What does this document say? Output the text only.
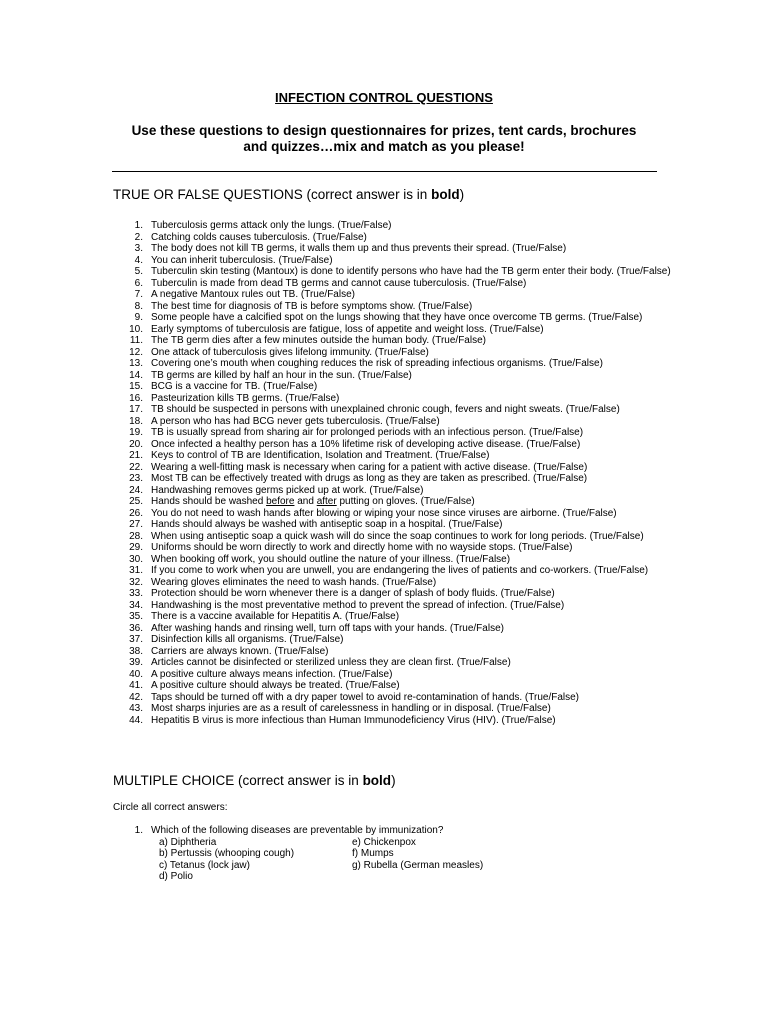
INFECTION CONTROL QUESTIONS
Use these questions to design questionnaires for prizes, tent cards, brochures
and quizzes…mix and match as you please!
TRUE OR FALSE QUESTIONS (correct answer is in bold)
1. Tuberculosis germs attack only the lungs. (True/False)
2. Catching colds causes tuberculosis. (True/False)
3. The body does not kill TB germs, it walls them up and thus prevents their spread. (True/False)
4. You can inherit tuberculosis. (True/False)
5. Tuberculin skin testing (Mantoux) is done to identify persons who have had the TB germ enter their body. (True/False)
6. Tuberculin is made from dead TB germs and cannot cause tuberculosis. (True/False)
7. A negative Mantoux rules out TB. (True/False)
8. The best time for diagnosis of TB is before symptoms show. (True/False)
9. Some people have a calcified spot on the lungs showing that they have once overcome TB germs. (True/False)
10. Early symptoms of tuberculosis are fatigue, loss of appetite and weight loss. (True/False)
11. The TB germ dies after a few minutes outside the human body. (True/False)
12. One attack of tuberculosis gives lifelong immunity. (True/False)
13. Covering one’s mouth when coughing reduces the risk of spreading infectious organisms. (True/False)
14. TB germs are killed by half an hour in the sun. (True/False)
15. BCG is a vaccine for TB. (True/False)
16. Pasteurization kills TB germs. (True/False)
17. TB should be suspected in persons with unexplained chronic cough, fevers and night sweats. (True/False)
18. A person who has had BCG never gets tuberculosis. (True/False)
19. TB is usually spread from sharing air for prolonged periods with an infectious person. (True/False)
20. Once infected a healthy person has a 10% lifetime risk of developing active disease. (True/False)
21. Keys to control of TB are Identification, Isolation and Treatment. (True/False)
22. Wearing a well-fitting mask is necessary when caring for a patient with active disease. (True/False)
23. Most TB can be effectively treated with drugs as long as they are taken as prescribed. (True/False)
24. Handwashing removes germs picked up at work. (True/False)
25. Hands should be washed before and after putting on gloves. (True/False)
26. You do not need to wash hands after blowing or wiping your nose since viruses are airborne. (True/False)
27. Hands should always be washed with antiseptic soap in a hospital. (True/False)
28. When using antiseptic soap a quick wash will do since the soap continues to work for long periods. (True/False)
29. Uniforms should be worn directly to work and directly home with no wayside stops. (True/False)
30. When booking off work, you should outline the nature of your illness. (True/False)
31. If you come to work when you are unwell, you are endangering the lives of patients and co-workers. (True/False)
32. Wearing gloves eliminates the need to wash hands. (True/False)
33. Protection should be worn whenever there is a danger of splash of body fluids. (True/False)
34. Handwashing is the most preventative method to prevent the spread of infection. (True/False)
35. There is a vaccine available for Hepatitis A. (True/False)
36. After washing hands and rinsing well, turn off taps with your hands. (True/False)
37. Disinfection kills all organisms. (True/False)
38. Carriers are always known. (True/False)
39. Articles cannot be disinfected or sterilized unless they are clean first. (True/False)
40. A positive culture always means infection. (True/False)
41. A positive culture should always be treated. (True/False)
42. Taps should be turned off with a dry paper towel to avoid re-contamination of hands. (True/False)
43. Most sharps injuries are as a result of carelessness in handling or in disposal. (True/False)
44. Hepatitis B virus is more infectious than Human Immunodeficiency Virus (HIV). (True/False)
MULTIPLE CHOICE (correct answer is in bold)
Circle all correct answers:
1. Which of the following diseases are preventable by immunization?
a) Diphtheria	e) Chickenpox
b) Pertussis (whooping cough)	f) Mumps
c) Tetanus (lock jaw)	g) Rubella (German measles)
d) Polio
